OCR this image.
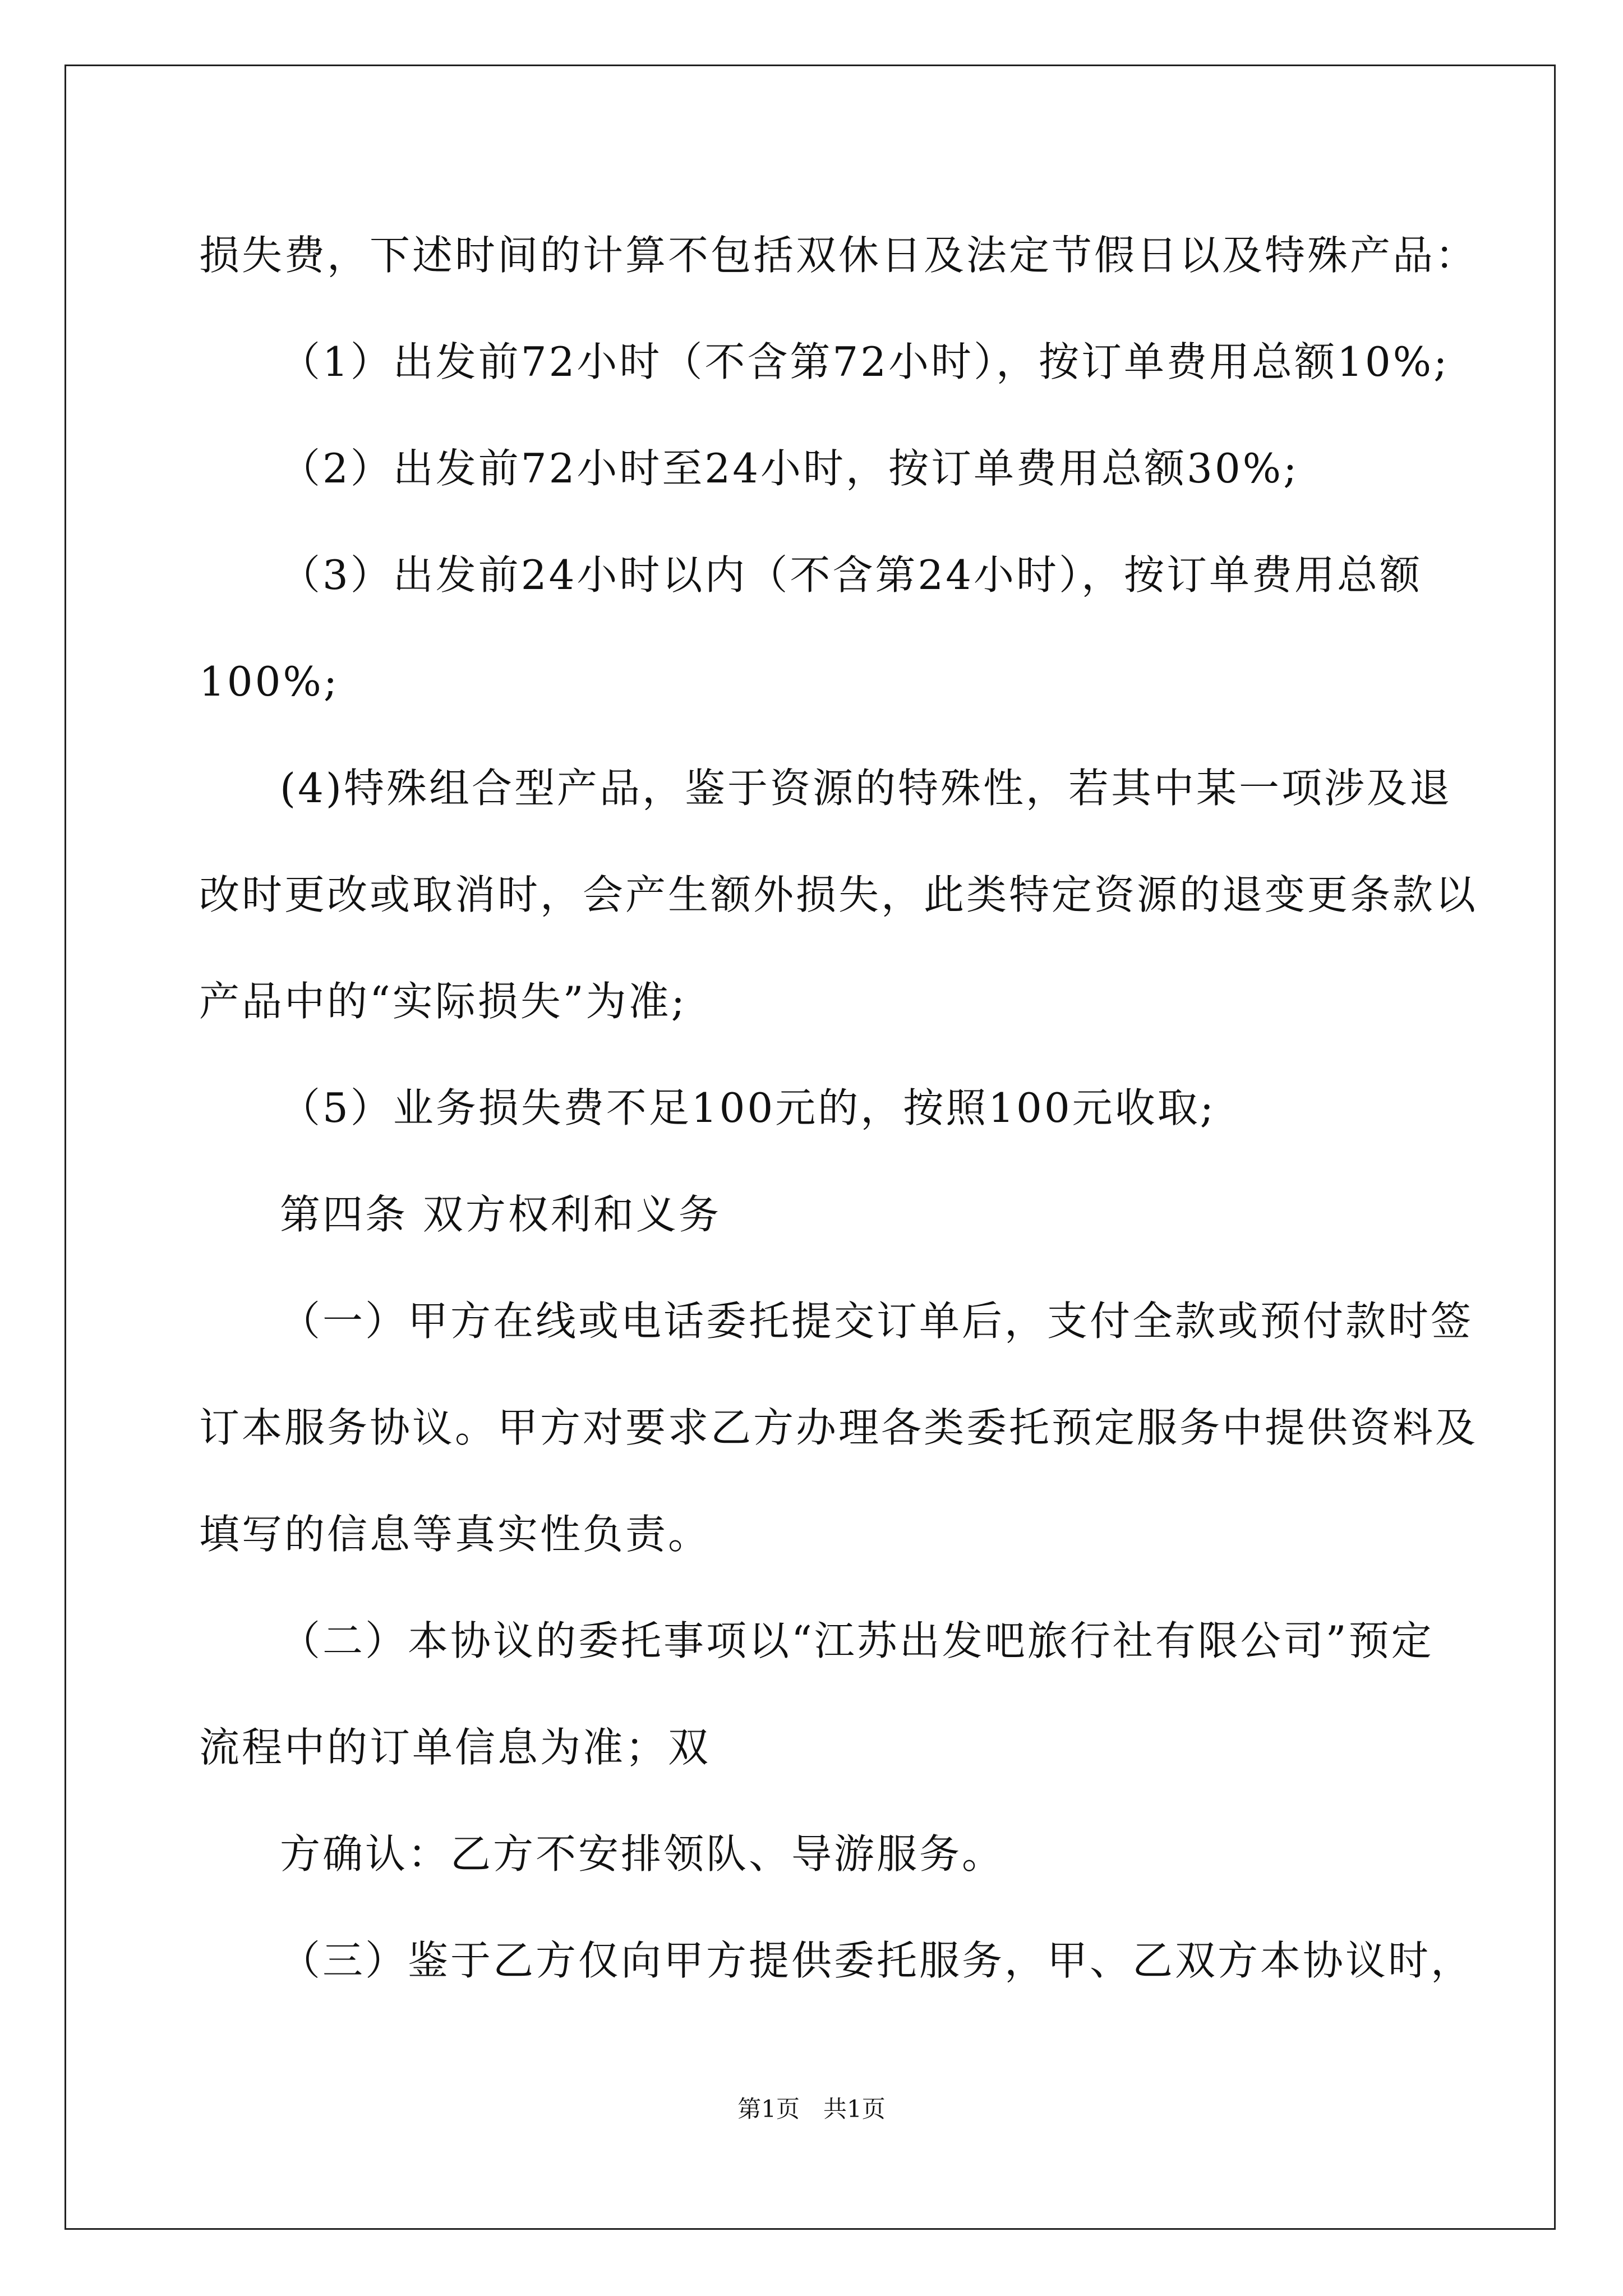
损失费，下述时间的计算不包括双休日及法定节假日以及特殊产品：
（1）出发前72小时（不含第72小时），按订单费用总额10%;
（2）出发前72小时至24小时，按订单费用总额30%;
（3）出发前24小时以内（不含第24小时），按订单费用总额
100%;
(4)特殊组合型产品，鉴于资源的特殊性，若其中某一项涉及退
改时更改或取消时，会产生额外损失，此类特定资源的退变更条款以
产品中的“实际损失”为准;
（5）业务损失费不足100元的，按照100元收取;
第四条 双方权利和义务
（一）甲方在线或电话委托提交订单后，支付全款或预付款时签
订本服务协议。甲方对要求乙方办理各类委托预定服务中提供资料及
填写的信息等真实性负责。
（二）本协议的委托事项以“江苏出发吧旅行社有限公司”预定
流程中的订单信息为准；双
方确认：乙方不安排领队、导游服务。
（三）鉴于乙方仅向甲方提供委托服务，甲、乙双方本协议时，
第1页　共1页
